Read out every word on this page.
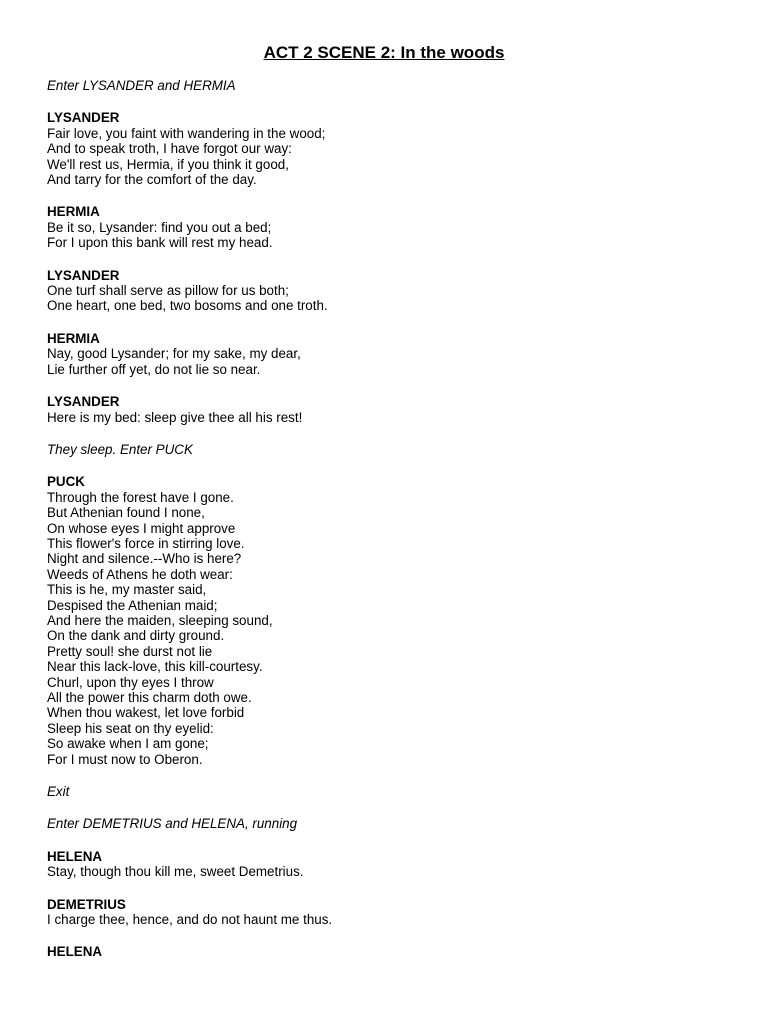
ACT 2 SCENE 2: In the woods
Enter LYSANDER and HERMIA
LYSANDER
Fair love, you faint with wandering in the wood;
And to speak troth, I have forgot our way:
We'll rest us, Hermia, if you think it good,
And tarry for the comfort of the day.
HERMIA
Be it so, Lysander: find you out a bed;
For I upon this bank will rest my head.
LYSANDER
One turf shall serve as pillow for us both;
One heart, one bed, two bosoms and one troth.
HERMIA
Nay, good Lysander; for my sake, my dear,
Lie further off yet, do not lie so near.
LYSANDER
Here is my bed: sleep give thee all his rest!
They sleep. Enter PUCK
PUCK
Through the forest have I gone.
But Athenian found I none,
On whose eyes I might approve
This flower's force in stirring love.
Night and silence.--Who is here?
Weeds of Athens he doth wear:
This is he, my master said,
Despised the Athenian maid;
And here the maiden, sleeping sound,
On the dank and dirty ground.
Pretty soul! she durst not lie
Near this lack-love, this kill-courtesy.
Churl, upon thy eyes I throw
All the power this charm doth owe.
When thou wakest, let love forbid
Sleep his seat on thy eyelid:
So awake when I am gone;
For I must now to Oberon.
Exit
Enter DEMETRIUS and HELENA, running
HELENA
Stay, though thou kill me, sweet Demetrius.
DEMETRIUS
I charge thee, hence, and do not haunt me thus.
HELENA
